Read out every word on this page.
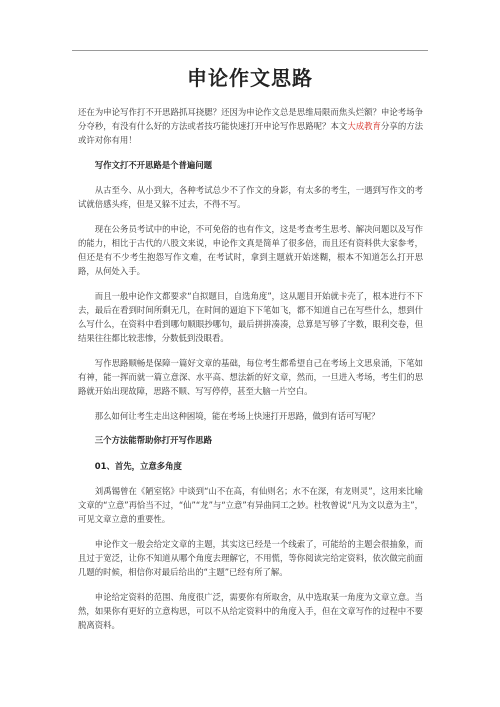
申论作文思路

还在为申论写作打不开思路抓耳挠腮？还因为申论作文总是思维局限而焦头烂额？申论考场争分夺秒，有没有什么好的方法或者技巧能快速打开申论写作思路呢？本文大成教育分享的方法或许对你有用！

写作文打不开思路是个普遍问题

从古至今、从小到大，各种考试总少不了作文的身影，有太多的考生，一遇到写作文的考试就倍感头疼，但是又躲不过去，不得不写。

现在公务员考试中的申论，不可免俗的也有作文，这是考查考生思考、解决问题以及写作的能力，相比于古代的八股文来说，申论作文真是简单了很多倍，而且还有资料供大家参考，但还是有不少考生抱怨写作文难，在考试时，拿到主题就开始迷糊，根本不知道怎么打开思路，从何处入手。

而且一般申论作文都要求“自拟题目，自选角度”，这从题目开始就卡壳了，根本进行不下去，最后在看到时间所剩无几，在时间的逼迫下下笔如飞，都不知道自己在写些什么，想到什么写什么，在资料中看到哪句顺眼抄哪句，最后拼拼凑凑，总算是写够了字数，眼利交卷，但结果往往都比较悲惨，分数低到没眼看。

写作思路顺畅是保障一篇好文章的基础，每位考生都希望自己在考场上文思泉涌，下笔如有神，能一挥而就一篇立意深、水平高、想法新的好文章，然而，一旦进入考场，考生们的思路就开始出现故障，思路不顺、写写停停，甚至大脑一片空白。

那么如何让考生走出这种困境，能在考场上快速打开思路，做到有话可写呢？

三个方法能帮助你打开写作思路
01、首先，立意多角度

刘禹锡曾在《陋室铭》中谈到“山不在高，有仙则名；水不在深，有龙则灵”，这用来比喻文章的“立意”再恰当不过，“仙”“龙”与“立意”有异曲同工之妙。杜牧曾说“凡为文以意为主”，可见文章立意的重要性。

申论作文一般会给定文章的主题，其实这已经是一个线索了，可能给的主题会很抽象，而且过于宽泛，让你不知道从哪个角度去理解它，不用慌，等你阅读完给定资料，依次做完前面几题的时候，相信你对最后给出的“主题”已经有所了解。

申论给定资料的范围、角度很广泛，需要你有所取舍，从中选取某一角度为文章立意。当然，如果你有更好的立意构思，可以不从给定资料中的角度入手，但在文章写作的过程中不要脱离资料。
